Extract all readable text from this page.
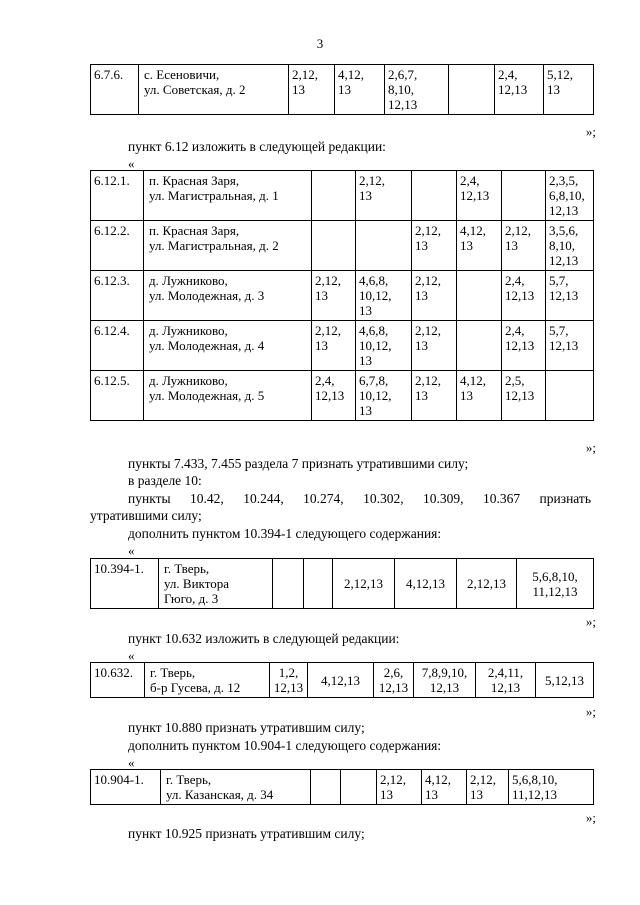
3
6.7.6.	с. Есеновичи,
ул. Советская, д. 2	2,12,
13	4,12,
13	2,6,7,
8,10,
12,13		2,4,
12,13	5,12,
13
»;
пункт 6.12 изложить в следующей редакции:
«
6.12.1.	п. Красная Заря,
ул. Магистральная, д. 1		2,12,
13		2,4,
12,13		2,3,5,
6,8,10,
12,13
6.12.2.	п. Красная Заря,
ул. Магистральная, д. 2			2,12,
13	4,12,
13	2,12,
13	3,5,6,
8,10,
12,13
6.12.3.	д. Лужниково,
ул. Молодежная, д. 3	2,12,
13	4,6,8,
10,12,
13	2,12,
13		2,4,
12,13	5,7,
12,13
6.12.4.	д. Лужниково,
ул. Молодежная, д. 4	2,12,
13	4,6,8,
10,12,
13	2,12,
13		2,4,
12,13	5,7,
12,13
6.12.5.	д. Лужниково,
ул. Молодежная, д. 5	2,4,
12,13	6,7,8,
10,12,
13	2,12,
13	4,12,
13	2,5,
12,13	
»;
пункты 7.433, 7.455 раздела 7 признать утратившими силу;
в разделе 10:
пункты 10.42, 10.244, 10.274, 10.302, 10.309, 10.367 признать
утратившими силу;
дополнить пунктом 10.394-1 следующего содержания:
«
10.394-1.	г. Тверь,
ул. Виктора
Гюго, д. 3			2,12,13	4,12,13	2,12,13	5,6,8,10,
11,12,13
»;
пункт 10.632 изложить в следующей редакции:
«
10.632.	г. Тверь,
б-р Гусева, д. 12	1,2,
12,13	4,12,13	2,6,
12,13	7,8,9,10,
12,13	2,4,11,
12,13	5,12,13
»;
пункт 10.880 признать утратившим силу;
дополнить пунктом 10.904-1 следующего содержания:
«
10.904-1.	г. Тверь,
ул. Казанская, д. 34			2,12,
13	4,12,
13	2,12,
13	5,6,8,10,
11,12,13
»;
пункт 10.925 признать утратившим силу;
